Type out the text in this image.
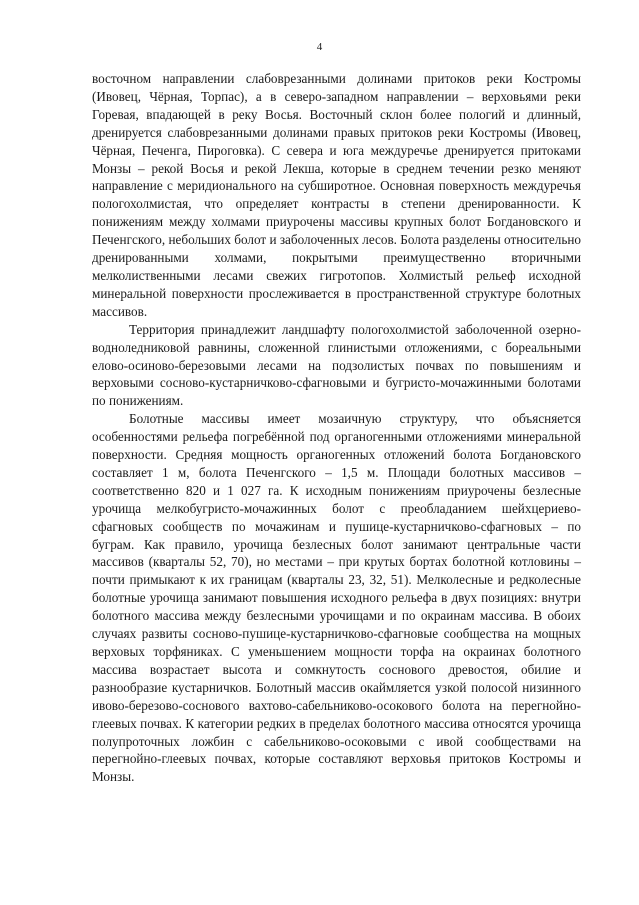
4

восточном направлении слабоврезанными долинами притоков реки Костромы (Ивовец, Чёрная, Торпас), а в северо-западном направлении – верховьями реки Горевая, впадающей в реку Восья. Восточный склон более пологий и длинный, дренируется слабоврезанными долинами правых притоков реки Костромы (Ивовец, Чёрная, Печенга, Пироговка). С севера и юга междуречье дренируется притоками Монзы – рекой Восья и рекой Лекша, которые в среднем течении резко меняют направление с меридионального на субширотное. Основная поверхность междуречья пологохолмистая, что определяет контрасты в степени дренированности. К понижениям между холмами приурочены массивы крупных болот Богдановского и Печенгского, небольших болот и заболоченных лесов. Болота разделены относительно дренированными холмами, покрытыми преимущественно вторичными мелколиственными лесами свежих гигротопов. Холмистый рельеф исходной минеральной поверхности прослеживается в пространственной структуре болотных массивов.

Территория принадлежит ландшафту пологохолмистой заболоченной озерно-водноледниковой равнины, сложенной глинистыми отложениями, с бореальными елово-осиново-березовыми лесами на подзолистых почвах по повышениям и верховыми сосново-кустарничково-сфагновыми и бугристо-мочажинными болотами по понижениям.

Болотные массивы имеет мозаичную структуру, что объясняется особенностями рельефа погребённой под органогенными отложениями минеральной поверхности. Средняя мощность органогенных отложений болота Богдановского составляет 1 м, болота Печенгского – 1,5 м. Площади болотных массивов – соответственно 820 и 1 027 га. К исходным понижениям приурочены безлесные урочища мелкобугристо-мочажинных болот с преобладанием шейхцериево-сфагновых сообществ по мочажинам и пушице-кустарничково-сфагновых – по буграм. Как правило, урочища безлесных болот занимают центральные части массивов (кварталы 52, 70), но местами – при крутых бортах болотной котловины – почти примыкают к их границам (кварталы 23, 32, 51). Мелколесные и редколесные болотные урочища занимают повышения исходного рельефа в двух позициях: внутри болотного массива между безлесными урочищами и по окраинам массива. В обоих случаях развиты сосново-пушице-кустарничково-сфагновые сообщества на мощных верховых торфяниках. С уменьшением мощности торфа на окраинах болотного массива возрастает высота и сомкнутость соснового древостоя, обилие и разнообразие кустарничков. Болотный массив окаймляется узкой полосой низинного ивово-березово-соснового вахтово-сабельниково-осокового болота на перегнойно-глеевых почвах. К категории редких в пределах болотного массива относятся урочища полупроточных ложбин с сабельниково-осоковыми с ивой сообществами на перегнойно-глеевых почвах, которые составляют верховья притоков Костромы и Монзы.
